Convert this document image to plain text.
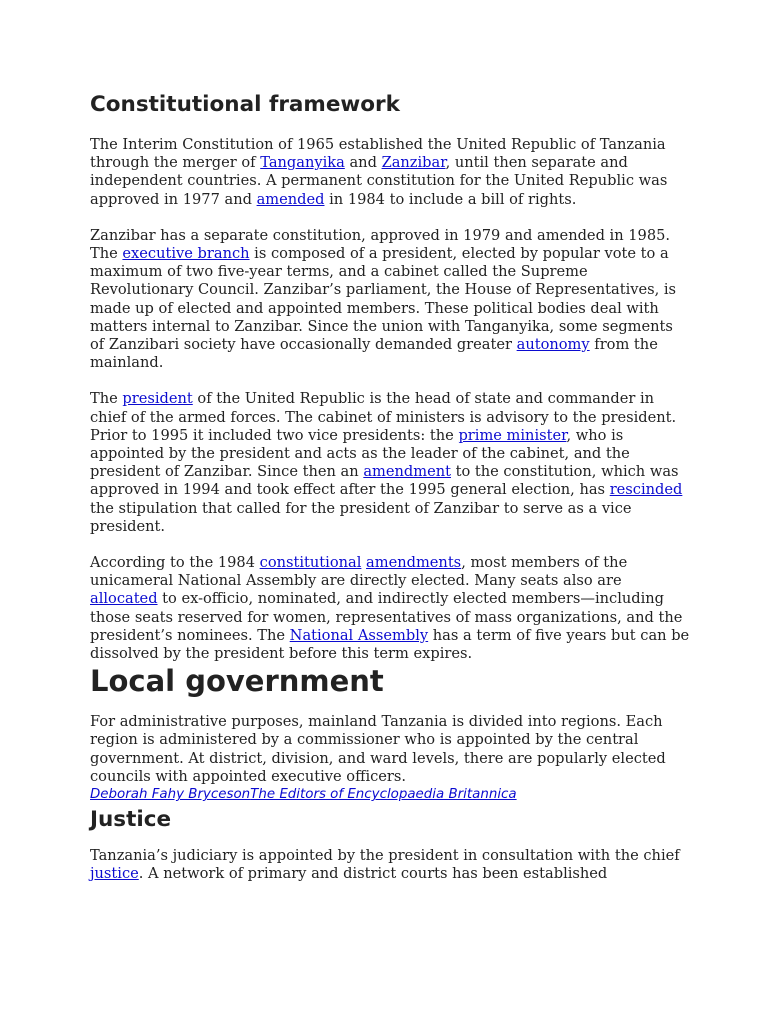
Constitutional framework

The Interim Constitution of 1965 established the United Republic of Tanzania through the merger of Tanganyika and Zanzibar, until then separate and independent countries. A permanent constitution for the United Republic was approved in 1977 and amended in 1984 to include a bill of rights.

Zanzibar has a separate constitution, approved in 1979 and amended in 1985. The executive branch is composed of a president, elected by popular vote to a maximum of two five-year terms, and a cabinet called the Supreme Revolutionary Council. Zanzibar’s parliament, the House of Representatives, is made up of elected and appointed members. These political bodies deal with matters internal to Zanzibar. Since the union with Tanganyika, some segments of Zanzibari society have occasionally demanded greater autonomy from the mainland.

The president of the United Republic is the head of state and commander in chief of the armed forces. The cabinet of ministers is advisory to the president. Prior to 1995 it included two vice presidents: the prime minister, who is appointed by the president and acts as the leader of the cabinet, and the president of Zanzibar. Since then an amendment to the constitution, which was approved in 1994 and took effect after the 1995 general election, has rescinded the stipulation that called for the president of Zanzibar to serve as a vice president.

According to the 1984 constitutional amendments, most members of the unicameral National Assembly are directly elected. Many seats also are allocated to ex-officio, nominated, and indirectly elected members—including those seats reserved for women, representatives of mass organizations, and the president’s nominees. The National Assembly has a term of five years but can be dissolved by the president before this term expires.

Local government

For administrative purposes, mainland Tanzania is divided into regions. Each region is administered by a commissioner who is appointed by the central government. At district, division, and ward levels, there are popularly elected councils with appointed executive officers.

Deborah Fahy BrycesonThe Editors of Encyclopaedia Britannica
Justice

Tanzania’s judiciary is appointed by the president in consultation with the chief justice. A network of primary and district courts has been established
